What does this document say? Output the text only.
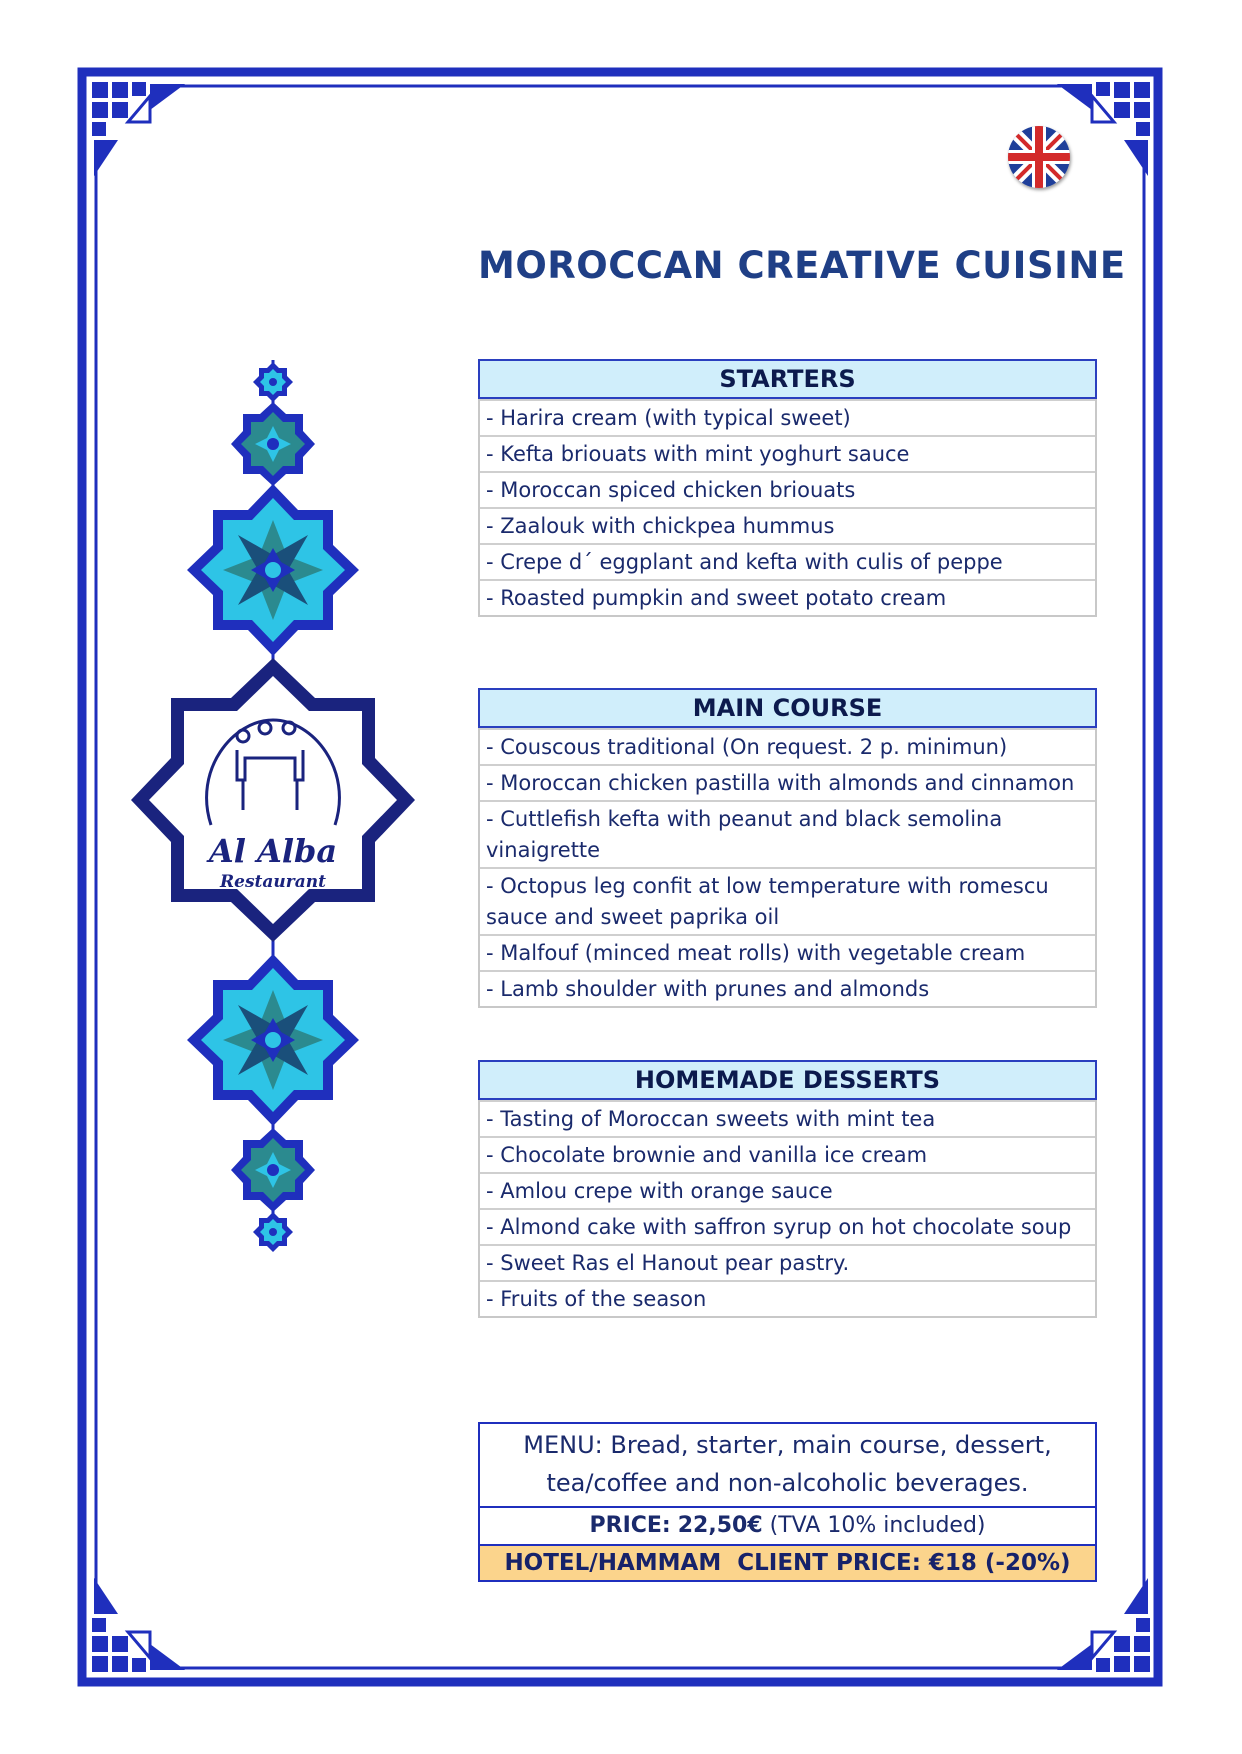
MOROCCAN CREATIVE CUISINE
Al Alba
Restaurant
STARTERS
- Harira cream (with typical sweet)
- Kefta briouats with mint yoghurt sauce
- Moroccan spiced chicken briouats
- Zaalouk with chickpea hummus
- Crepe d´ eggplant and kefta with culis of peppe
- Roasted pumpkin and sweet potato cream
MAIN COURSE
- Couscous traditional (On request. 2 p. minimun)
- Moroccan chicken pastilla with almonds and cinnamon
- Cuttlefish kefta with peanut and black semolina vinaigrette
- Octopus leg confit at low temperature with romescu sauce and sweet paprika oil
- Malfouf (minced meat rolls) with vegetable cream
- Lamb shoulder with prunes and almonds
HOMEMADE DESSERTS
- Tasting of Moroccan sweets with mint tea
- Chocolate brownie and vanilla ice cream
- Amlou crepe with orange sauce
- Almond cake with saffron syrup on hot chocolate soup
- Sweet Ras el Hanout pear pastry.
- Fruits of the season
MENU: Bread, starter, main course, dessert, tea/coffee and non-alcoholic beverages.
PRICE: 22,50€ (TVA 10% included)
HOTEL/HAMMAM  CLIENT PRICE: €18 (-20%)
